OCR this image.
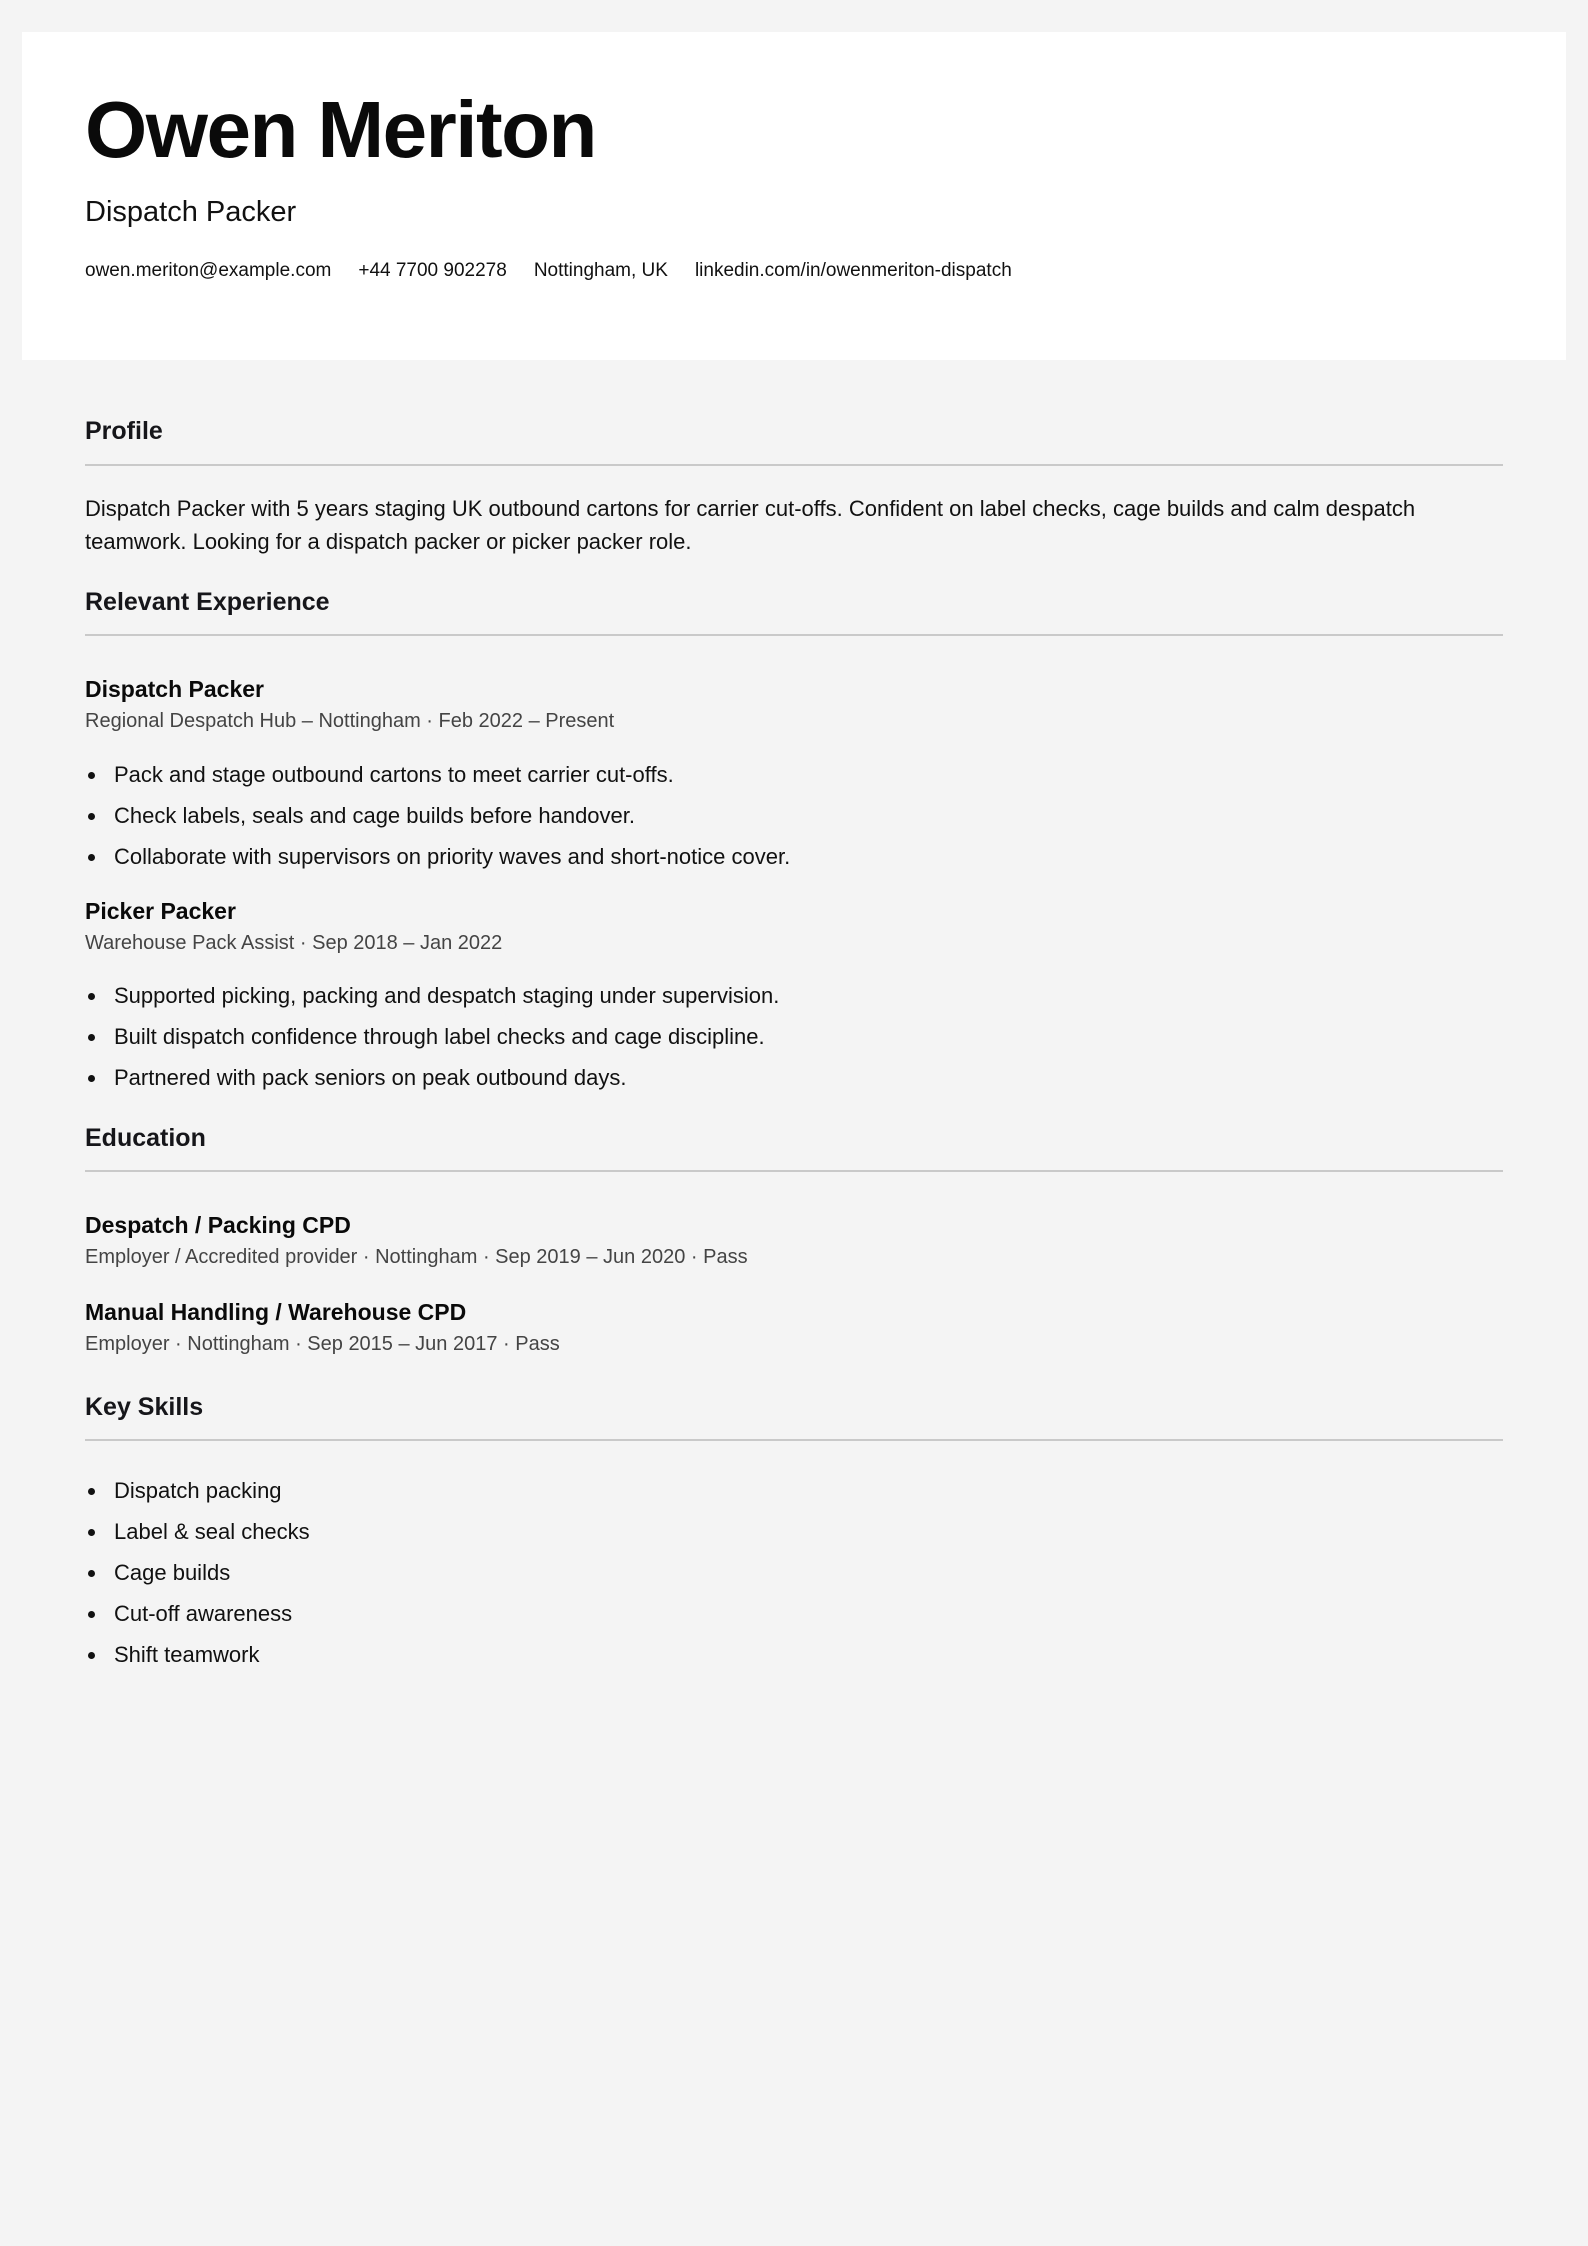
Owen Meriton

Dispatch Packer

owen.meriton@example.com +44 7700 902278 Nottingham, UK linkedin.com/in/owenmeriton-dispatch
Profile

Dispatch Packer with 5 years staging UK outbound cartons for carrier cut-offs. Confident on label checks, cage builds and calm despatch teamwork. Looking for a dispatch packer or picker packer role.

Relevant Experience
Dispatch Packer

Regional Despatch Hub – Nottingham · Feb 2022 – Present

Pack and stage outbound cartons to meet carrier cut-offs.
Check labels, seals and cage builds before handover.
Collaborate with supervisors on priority waves and short-notice cover.
Picker Packer

Warehouse Pack Assist · Sep 2018 – Jan 2022

Supported picking, packing and despatch staging under supervision.
Built dispatch confidence through label checks and cage discipline.
Partnered with pack seniors on peak outbound days.
Education
Despatch / Packing CPD

Employer / Accredited provider · Nottingham · Sep 2019 – Jun 2020 · Pass

Manual Handling / Warehouse CPD

Employer · Nottingham · Sep 2015 – Jun 2017 · Pass

Key Skills
Dispatch packing
Label & seal checks
Cage builds
Cut-off awareness
Shift teamwork
